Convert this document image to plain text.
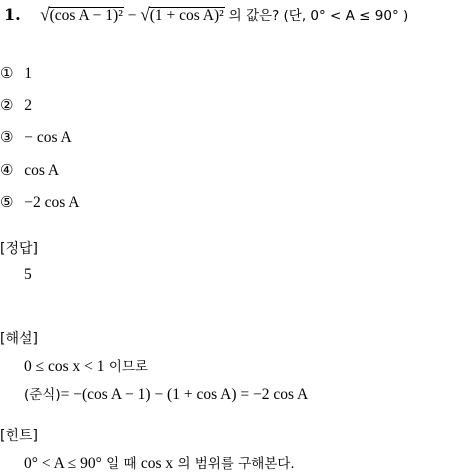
1. √(cos A − 1)² − √(1 + cos A)² 의 값은? (단, 0° < A ≤ 90° )
① 1
② 2
③ − cos A
④ cos A
⑤ −2 cos A
[정답]
5
[해설]
0 ≤ cos x < 1 이므로
(준식)= −(cos A − 1) − (1 + cos A) = −2 cos A
[힌트]
0° < A ≤ 90° 일 때 cos x 의 범위를 구해본다.
